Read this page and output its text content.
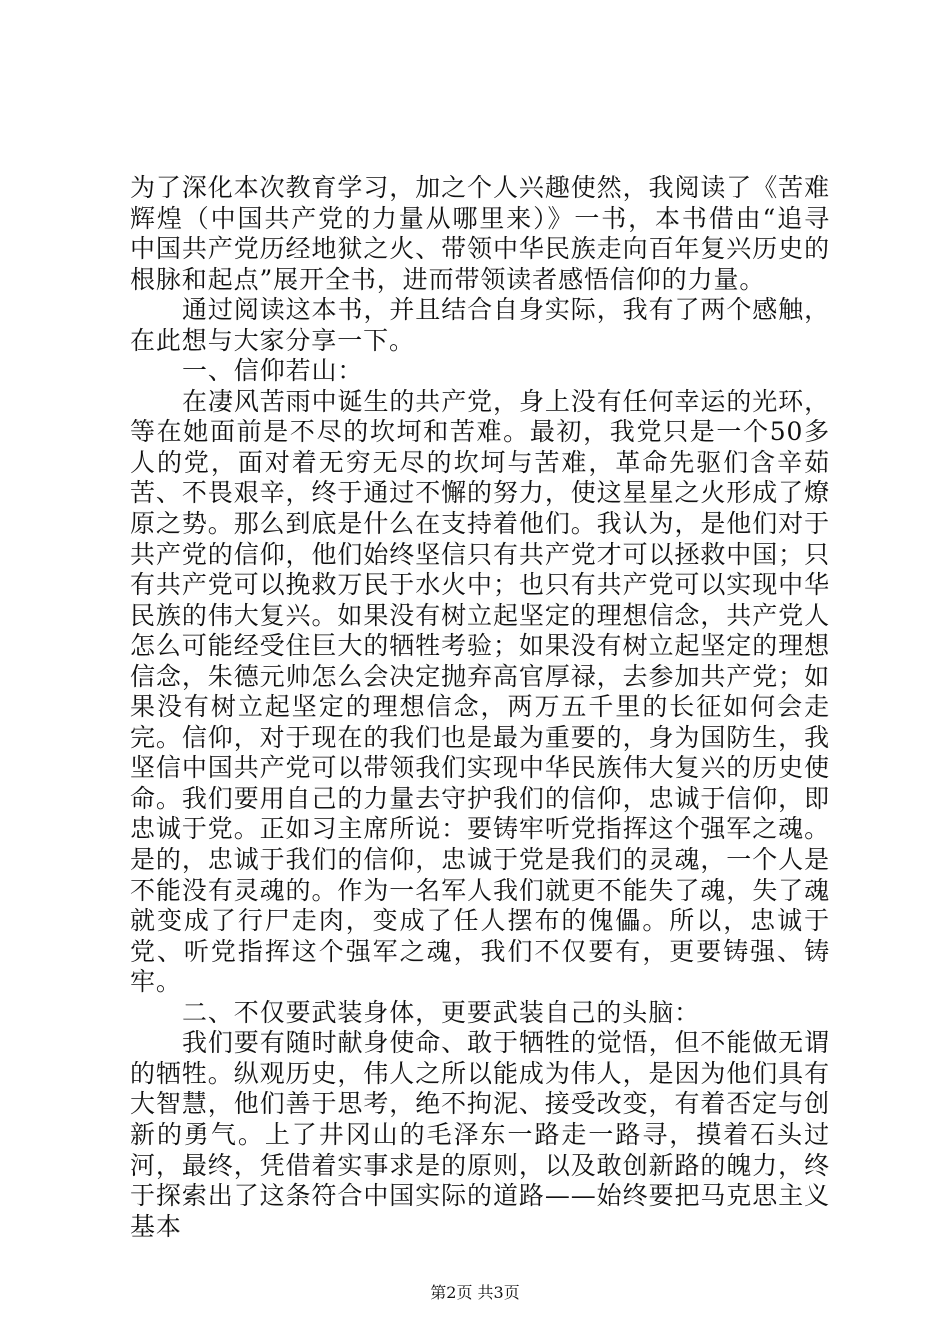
为了深化本次教育学习，加之个人兴趣使然，我阅读了《苦难辉煌（中国共产党的力量从哪里来）》一书，本书借由“追寻中国共产党历经地狱之火、带领中华民族走向百年复兴历史的根脉和起点”展开全书，进而带领读者感悟信仰的力量。

通过阅读这本书，并且结合自身实际，我有了两个感触，在此想与大家分享一下。

一、信仰若山：

在凄风苦雨中诞生的共产党，身上没有任何幸运的光环，等在她面前是不尽的坎坷和苦难。最初，我党只是一个50多人的党，面对着无穷无尽的坎坷与苦难，革命先驱们含辛茹苦、不畏艰辛，终于通过不懈的努力，使这星星之火形成了燎原之势。那么到底是什么在支持着他们。我认为，是他们对于共产党的信仰，他们始终坚信只有共产党才可以拯救中国；只有共产党可以挽救万民于水火中；也只有共产党可以实现中华民族的伟大复兴。如果没有树立起坚定的理想信念，共产党人怎么可能经受住巨大的牺牲考验；如果没有树立起坚定的理想信念，朱德元帅怎么会决定抛弃高官厚禄，去参加共产党；如果没有树立起坚定的理想信念，两万五千里的长征如何会走完。信仰，对于现在的我们也是最为重要的，身为国防生，我坚信中国共产党可以带领我们实现中华民族伟大复兴的历史使命。我们要用自己的力量去守护我们的信仰，忠诚于信仰，即忠诚于党。正如习主席所说：要铸牢听党指挥这个强军之魂。是的，忠诚于我们的信仰，忠诚于党是我们的灵魂，一个人是不能没有灵魂的。作为一名军人我们就更不能失了魂，失了魂就变成了行尸走肉，变成了任人摆布的傀儡。所以，忠诚于党、听党指挥这个强军之魂，我们不仅要有，更要铸强、铸牢。

二、不仅要武装身体，更要武装自己的头脑：

我们要有随时献身使命、敢于牺牲的觉悟，但不能做无谓的牺牲。纵观历史，伟人之所以能成为伟人，是因为他们具有大智慧，他们善于思考，绝不拘泥、接受改变，有着否定与创新的勇气。上了井冈山的毛泽东一路走一路寻，摸着石头过河，最终，凭借着实事求是的原则，以及敢创新路的魄力，终于探索出了这条符合中国实际的道路——始终要把马克思主义基本

第2页 共3页
